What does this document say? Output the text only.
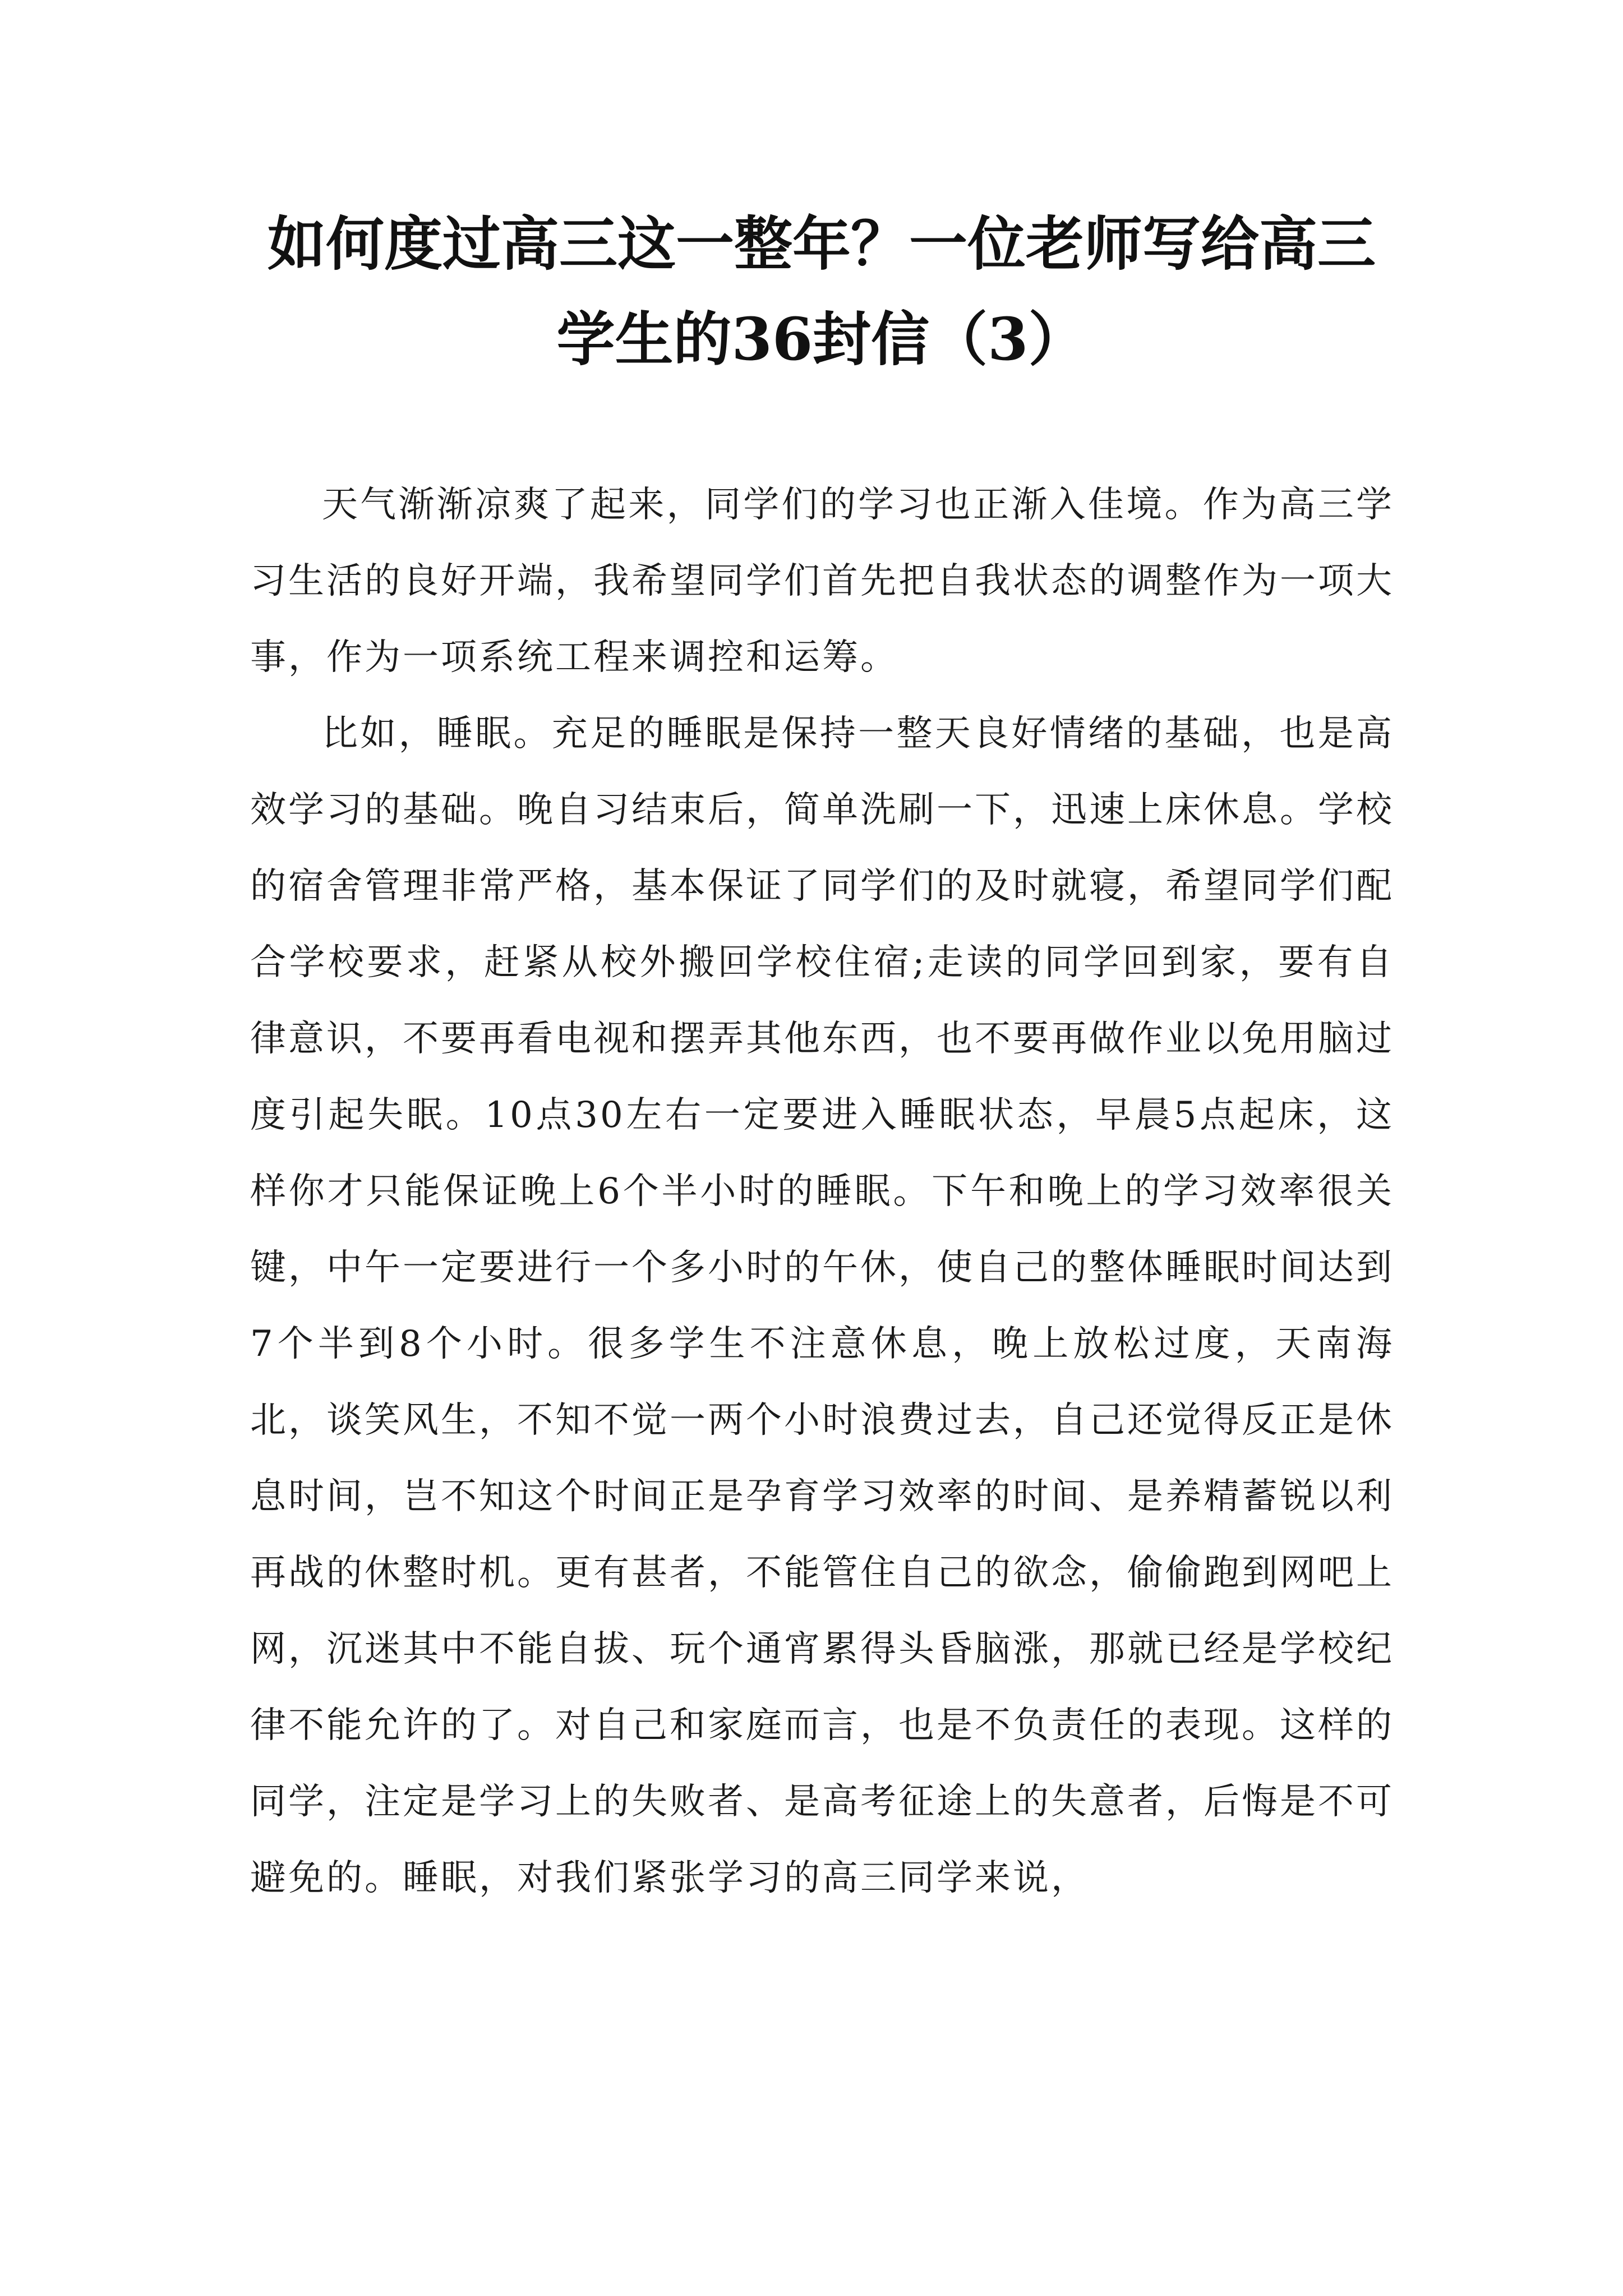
如何度过高三这一整年？一位老师写给高三学生的36封信（3）

天气渐渐凉爽了起来，同学们的学习也正渐入佳境。作为高三学习生活的良好开端，我希望同学们首先把自我状态的调整作为一项大事，作为一项系统工程来调控和运筹。

比如，睡眠。充足的睡眠是保持一整天良好情绪的基础，也是高效学习的基础。晚自习结束后，简单洗刷一下，迅速上床休息。学校的宿舍管理非常严格，基本保证了同学们的及时就寝，希望同学们配合学校要求，赶紧从校外搬回学校住宿;走读的同学回到家，要有自律意识，不要再看电视和摆弄其他东西，也不要再做作业以免用脑过度引起失眠。10点30左右一定要进入睡眠状态，早晨5点起床，这样你才只能保证晚上6个半小时的睡眠。下午和晚上的学习效率很关键，中午一定要进行一个多小时的午休，使自己的整体睡眠时间达到7个半到8个小时。很多学生不注意休息，晚上放松过度，天南海北，谈笑风生，不知不觉一两个小时浪费过去，自己还觉得反正是休息时间，岂不知这个时间正是孕育学习效率的时间、是养精蓄锐以利再战的休整时机。更有甚者，不能管住自己的欲念，偷偷跑到网吧上网，沉迷其中不能自拔、玩个通宵累得头昏脑涨，那就已经是学校纪律不能允许的了。对自己和家庭而言，也是不负责任的表现。这样的同学，注定是学习上的失败者、是高考征途上的失意者，后悔是不可避免的。睡眠，对我们紧张学习的高三同学来说，
